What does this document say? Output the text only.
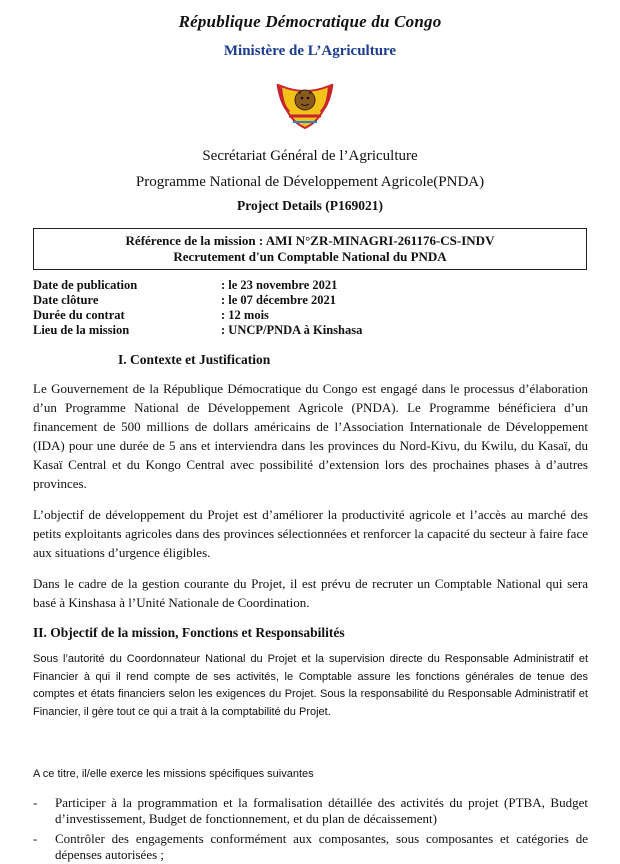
République Démocratique du Congo
Ministère de L’Agriculture
Secrétariat Général de l’Agriculture
Programme National de Développement Agricole(PNDA)
Project Details (P169021)
Référence de la mission : AMI N°ZR-MINAGRI-261176-CS-INDV
Recrutement d'un Comptable National du PNDA
Date de publication	: le 23 novembre 2021
Date clôture	: le 07 décembre 2021
Durée du contrat	: 12 mois
Lieu de la mission	: UNCP/PNDA à Kinshasa
I. Contexte et Justification
Le Gouvernement de la République Démocratique du Congo est engagé dans le processus d’élaboration d’un Programme National de Développement Agricole (PNDA). Le Programme bénéficiera d’un financement de 500 millions de dollars américains de l’Association Internationale de Développement (IDA) pour une durée de 5 ans et interviendra dans les provinces du Nord-Kivu, du Kwilu, du Kasaï, du Kasaï Central et du Kongo Central avec possibilité d’extension lors des prochaines phases à d’autres provinces.
L’objectif de développement du Projet est d’améliorer la productivité agricole et l’accès au marché des petits exploitants agricoles dans des provinces sélectionnées et renforcer la capacité du secteur à faire face aux situations d’urgence éligibles.
Dans le cadre de la gestion courante du Projet, il est prévu de recruter un Comptable National qui sera basé à Kinshasa à l’Unité Nationale de Coordination.
II. Objectif de la mission, Fonctions et Responsabilités
Sous l’autorité du Coordonnateur National du Projet et la supervision directe du Responsable Administratif et Financier à qui il rend compte de ses activités, le Comptable assure les fonctions générales de tenue des comptes et états financiers selon les exigences du Projet. Sous la responsabilité du Responsable Administratif et Financier, il gère tout ce qui a trait à la comptabilité du Projet.
A ce titre, il/elle exerce les missions spécifiques suivantes
- Participer à la programmation et la formalisation détaillée des activités du projet (PTBA, Budget d’investissement, Budget de fonctionnement, et du plan de décaissement)
- Contrôler des engagements conformément aux composantes, sous composantes et catégories de dépenses autorisées ;
